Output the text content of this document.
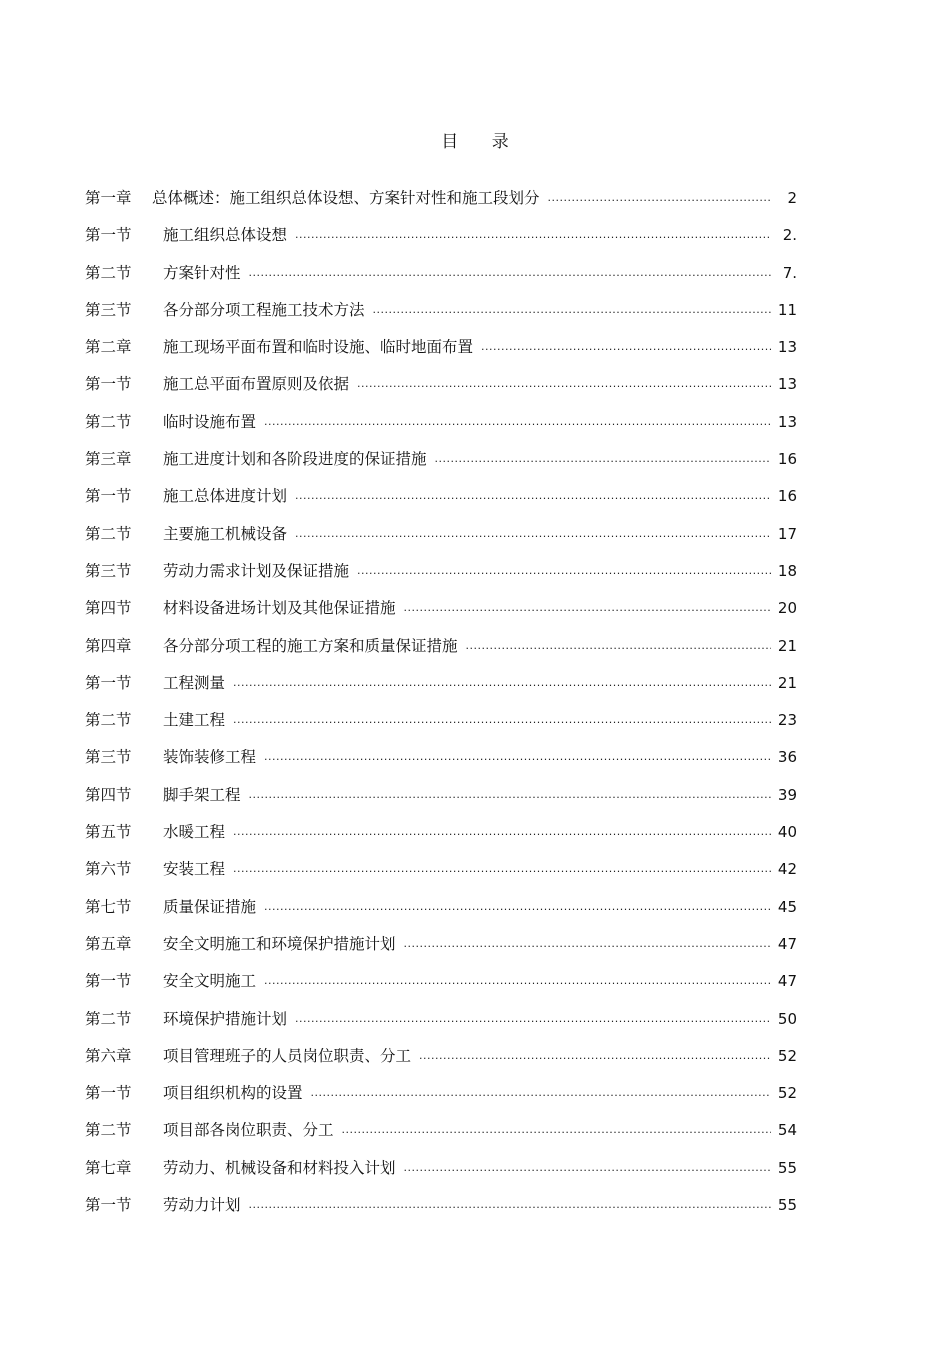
目 录
第一章	总体概述：施工组织总体设想、方案针对性和施工段划分 .....	2
第一节	施工组织总体设想 .....	2.
第二节	方案针对性 .....	7.
第三节	各分部分项工程施工技术方法 .....	11
第二章	施工现场平面布置和临时设施、临时地面布置 .....	13
第一节	施工总平面布置原则及依据 .....	13
第二节	临时设施布置 .....	13
第三章	施工进度计划和各阶段进度的保证措施 .....	16
第一节	施工总体进度计划 .....	16
第二节	主要施工机械设备 .....	17
第三节	劳动力需求计划及保证措施 .....	18
第四节	材料设备进场计划及其他保证措施 .....	20
第四章	各分部分项工程的施工方案和质量保证措施 .....	21
第一节	工程测量 .....	21
第二节	土建工程 .....	23
第三节	装饰装修工程 .....	36
第四节	脚手架工程 .....	39
第五节	水暖工程 .....	40
第六节	安装工程 .....	42
第七节	质量保证措施 .....	45
第五章	安全文明施工和环境保护措施计划 .....	47
第一节	安全文明施工 .....	47
第二节	环境保护措施计划 .....	50
第六章	项目管理班子的人员岗位职责、分工 .....	52
第一节	项目组织机构的设置 .....	52
第二节	项目部各岗位职责、分工 .....	54
第七章	劳动力、机械设备和材料投入计划 .....	55
第一节	劳动力计划 .....	55
